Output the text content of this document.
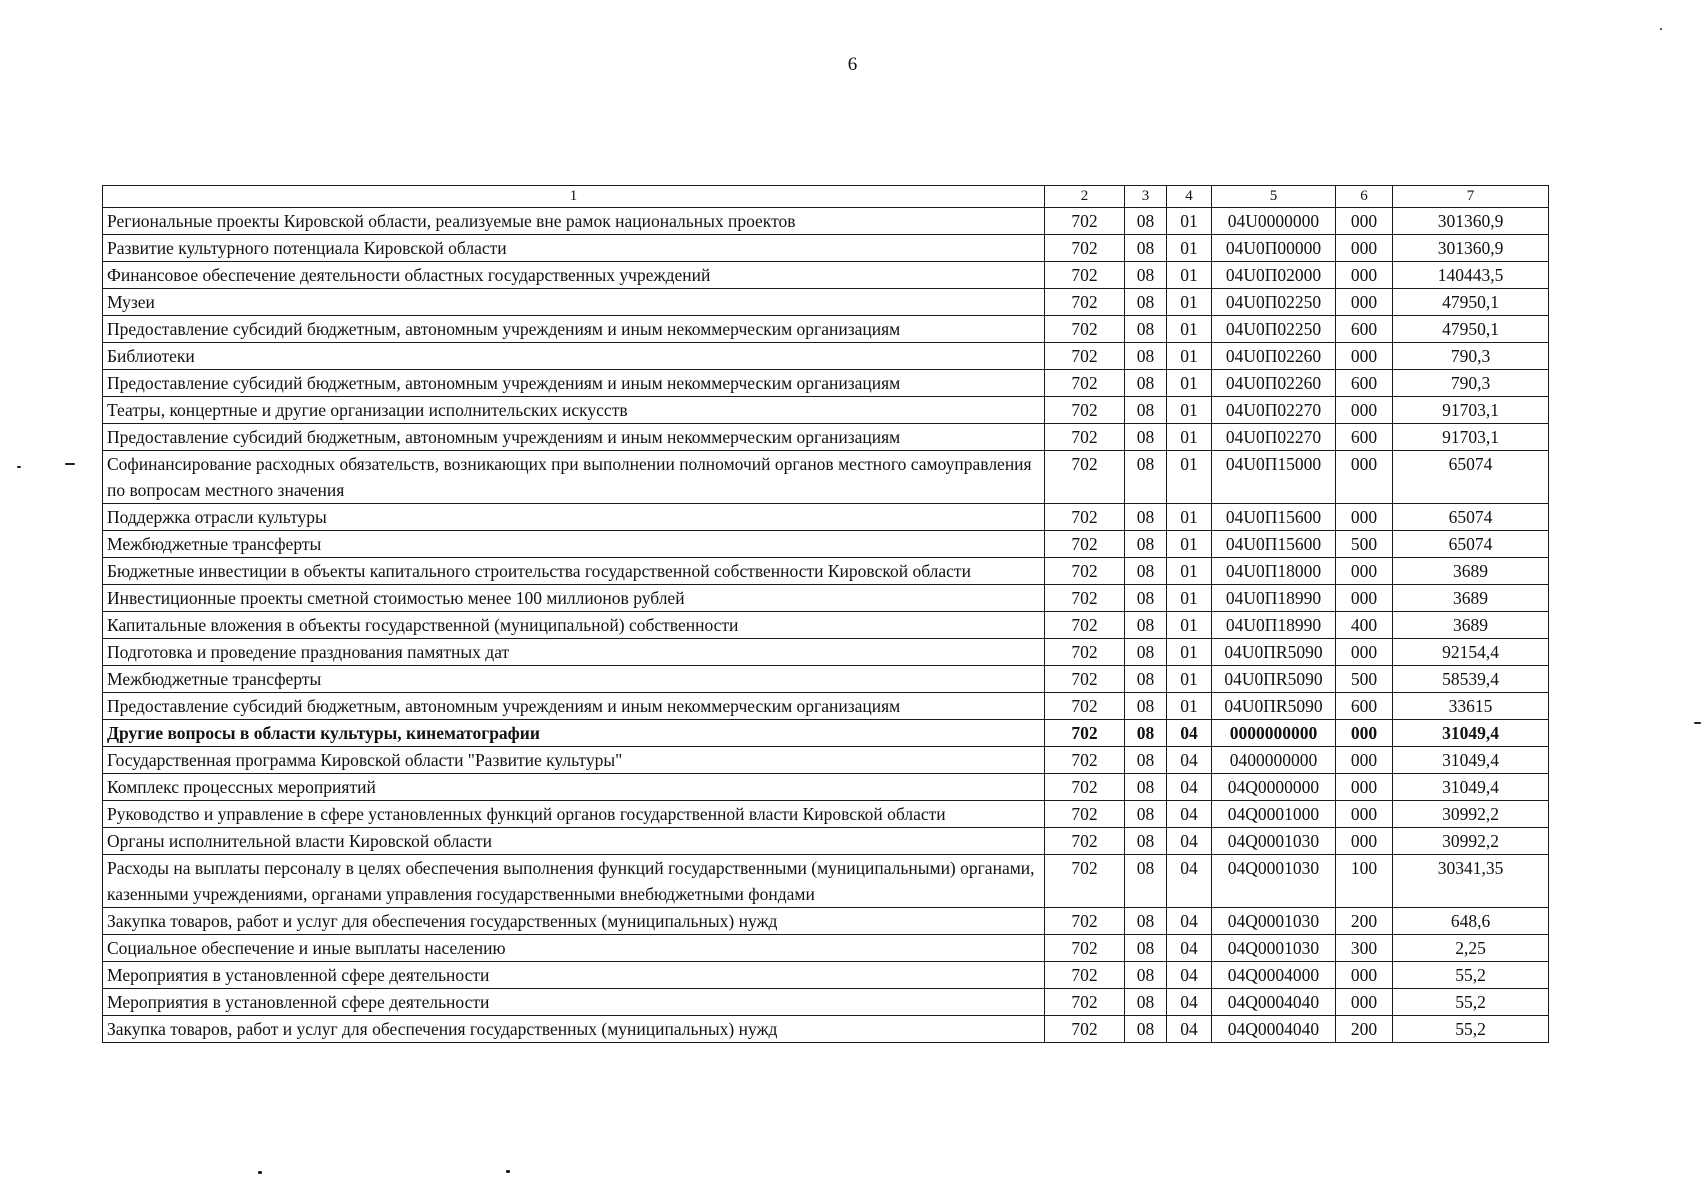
6
1	2	3	4	5	6	7
Региональные проекты Кировской области, реализуемые вне рамок национальных проектов	702	08	01	04U0000000	000	301360,9
Развитие культурного потенциала Кировской области	702	08	01	04U0П00000	000	301360,9
Финансовое обеспечение деятельности областных государственных учреждений	702	08	01	04U0П02000	000	140443,5
Музеи	702	08	01	04U0П02250	000	47950,1
Предоставление субсидий бюджетным, автономным учреждениям и иным некоммерческим организациям	702	08	01	04U0П02250	600	47950,1
Библиотеки	702	08	01	04U0П02260	000	790,3
Предоставление субсидий бюджетным, автономным учреждениям и иным некоммерческим организациям	702	08	01	04U0П02260	600	790,3
Театры, концертные и другие организации исполнительских искусств	702	08	01	04U0П02270	000	91703,1
Предоставление субсидий бюджетным, автономным учреждениям и иным некоммерческим организациям	702	08	01	04U0П02270	600	91703,1
Софинансирование расходных обязательств, возникающих при выполнении полномочий органов местного самоуправления по вопросам местного значения	702	08	01	04U0П15000	000	65074
Поддержка отрасли культуры	702	08	01	04U0П15600	000	65074
Межбюджетные трансферты	702	08	01	04U0П15600	500	65074
Бюджетные инвестиции в объекты капитального строительства государственной собственности Кировской области	702	08	01	04U0П18000	000	3689
Инвестиционные проекты сметной стоимостью менее 100 миллионов рублей	702	08	01	04U0П18990	000	3689
Капитальные вложения в объекты государственной (муниципальной) собственности	702	08	01	04U0П18990	400	3689
Подготовка и проведение празднования памятных дат	702	08	01	04U0ПR5090	000	92154,4
Межбюджетные трансферты	702	08	01	04U0ПR5090	500	58539,4
Предоставление субсидий бюджетным, автономным учреждениям и иным некоммерческим организациям	702	08	01	04U0ПR5090	600	33615
Другие вопросы в области культуры, кинематографии	702	08	04	0000000000	000	31049,4
Государственная программа Кировской области "Развитие культуры"	702	08	04	0400000000	000	31049,4
Комплекс процессных мероприятий	702	08	04	04Q0000000	000	31049,4
Руководство и управление в сфере установленных функций органов государственной власти Кировской области	702	08	04	04Q0001000	000	30992,2
Органы исполнительной власти Кировской области	702	08	04	04Q0001030	000	30992,2
Расходы на выплаты персоналу в целях обеспечения выполнения функций государственными (муниципальными) органами, казенными учреждениями, органами управления государственными внебюджетными фондами	702	08	04	04Q0001030	100	30341,35
Закупка товаров, работ и услуг для обеспечения государственных (муниципальных) нужд	702	08	04	04Q0001030	200	648,6
Социальное обеспечение и иные выплаты населению	702	08	04	04Q0001030	300	2,25
Мероприятия в установленной сфере деятельности	702	08	04	04Q0004000	000	55,2
Мероприятия в установленной сфере деятельности	702	08	04	04Q0004040	000	55,2
Закупка товаров, работ и услуг для обеспечения государственных (муниципальных) нужд	702	08	04	04Q0004040	200	55,2
